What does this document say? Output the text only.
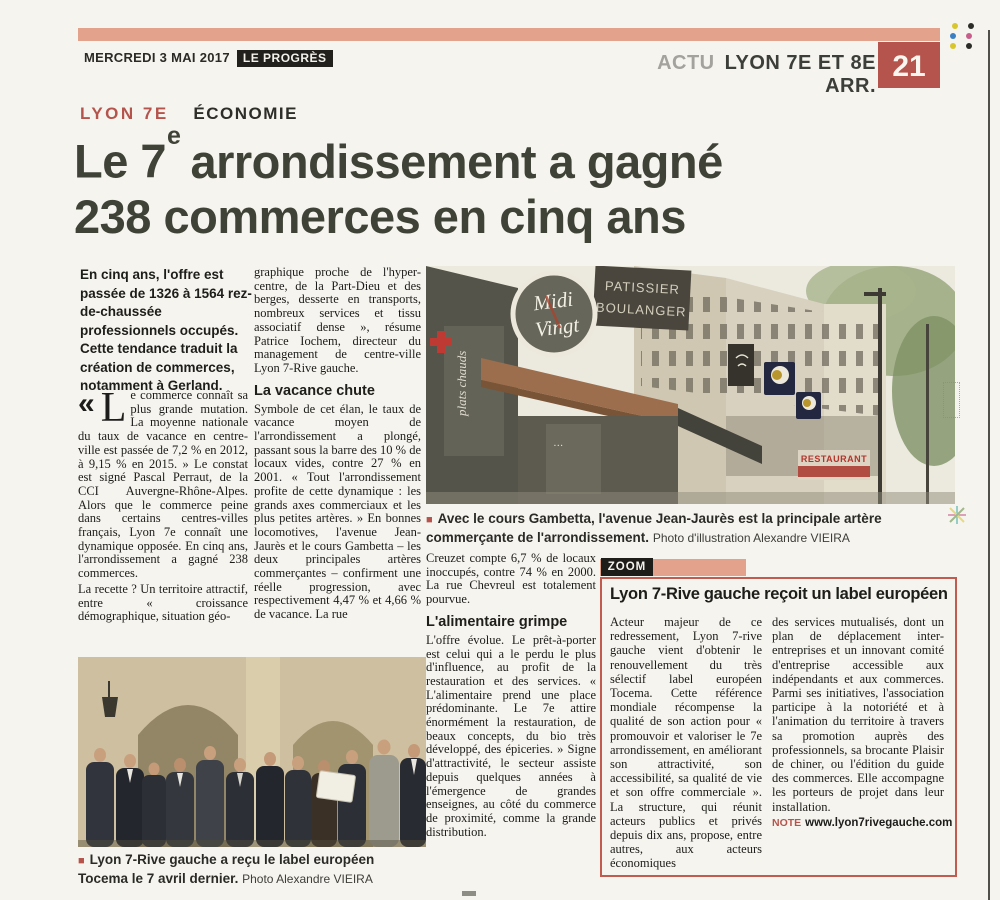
MERCREDI 3 MAI 2017 LE PROGRÈS	ACTU LYON 7E ET 8E ARR.
21
LYON 7E ÉCONOMIE
Le 7e arrondissement a gagné
238 commerces en cinq ans
En cinq ans, l'offre est passée de 1326 à 1564 rez-de-chaussée professionnels occupés. Cette tendance traduit la création de commerces, notamment à Gerland.

« L e commerce connaît sa plus grande mutation. La moyenne nationale du taux de vacance en centre-ville est passée de 7,2 % en 2012, à 9,15 % en 2015. » Le constat est signé Pascal Perraut, de la CCI Auvergne-Rhône-Alpes. Alors que le commerce peine dans certains centres-villes français, Lyon 7e connaît une dynamique opposée. En cinq ans, l'arrondissement a gagné 238 commerces.

La recette ? Un territoire attractif, entre « croissance démographique, situation géo-

graphique proche de l'hyper-centre, de la Part-Dieu et des berges, desserte en transports, nombreux services et tissu associatif dense », résume Patrice Iochem, directeur du management de centre-ville Lyon 7-Rive gauche.

La vacance chute

Symbole de cet élan, le taux de vacance moyen de l'arrondissement a plongé, passant sous la barre des 10 % de locaux vides, contre 27 % en 2001. « Tout l'arrondissement profite de cette dynamique : les grands axes commerciaux et les plus petites artères. » En bonnes locomotives, l'avenue Jean-Jaurès et le cours Gambetta – les deux principales artères commerçantes – confirment une réelle progression, avec respectivement 4,47 % et 4,66 % de vacance. La rue

plats chauds
…
PATISSIER
BOULANGER
Midi
Vingt
RESTAURANT
■ Avec le cours Gambetta, l'avenue Jean-Jaurès est la principale artère commerçante de l'arrondissement. Photo d'illustration Alexandre VIEIRA

Creuzet compte 6,7 % de locaux inoccupés, contre 74 % en 2000. La rue Chevreul est totalement pourvue.

L'alimentaire grimpe

L'offre évolue. Le prêt-à-porter est celui qui a le perdu le plus d'influence, au profit de la restauration et des services. « L'alimentaire prend une place prédominante. Le 7e attire énormément la restauration, de beaux concepts, du bio très développé, des épiceries. » Signe d'attractivité, le secteur assiste depuis quelques années à l'émergence de grandes enseignes, au côté du commerce de proximité, comme la grande distribution.

■ Lyon 7-Rive gauche a reçu le label européen Tocema le 7 avril dernier. Photo Alexandre VIEIRA
ZOOM
Lyon 7-Rive gauche reçoit un label européen

Acteur majeur de ce redressement, Lyon 7-rive gauche vient d'obtenir le renouvellement du très sélectif label européen Tocema. Cette référence mondiale récompense la qualité de son action pour « promouvoir et valoriser le 7e arrondissement, en améliorant son attractivité, son accessibilité, sa qualité de vie et son offre commerciale ». La structure, qui réunit acteurs publics et privés depuis dix ans, propose, entre autres, aux acteurs économiques

des services mutualisés, dont un plan de déplacement inter-entreprises et un innovant comité d'entreprise accessible aux indépendants et aux commerces. Parmi ses initiatives, l'association participe à la notoriété et à l'animation du territoire à travers sa promotion auprès des professionnels, sa brocante Plaisir de chiner, ou l'édition du guide des commerces. Elle accompagne les porteurs de projet dans leur installation.

NOTE www.lyon7rivegauche.com
